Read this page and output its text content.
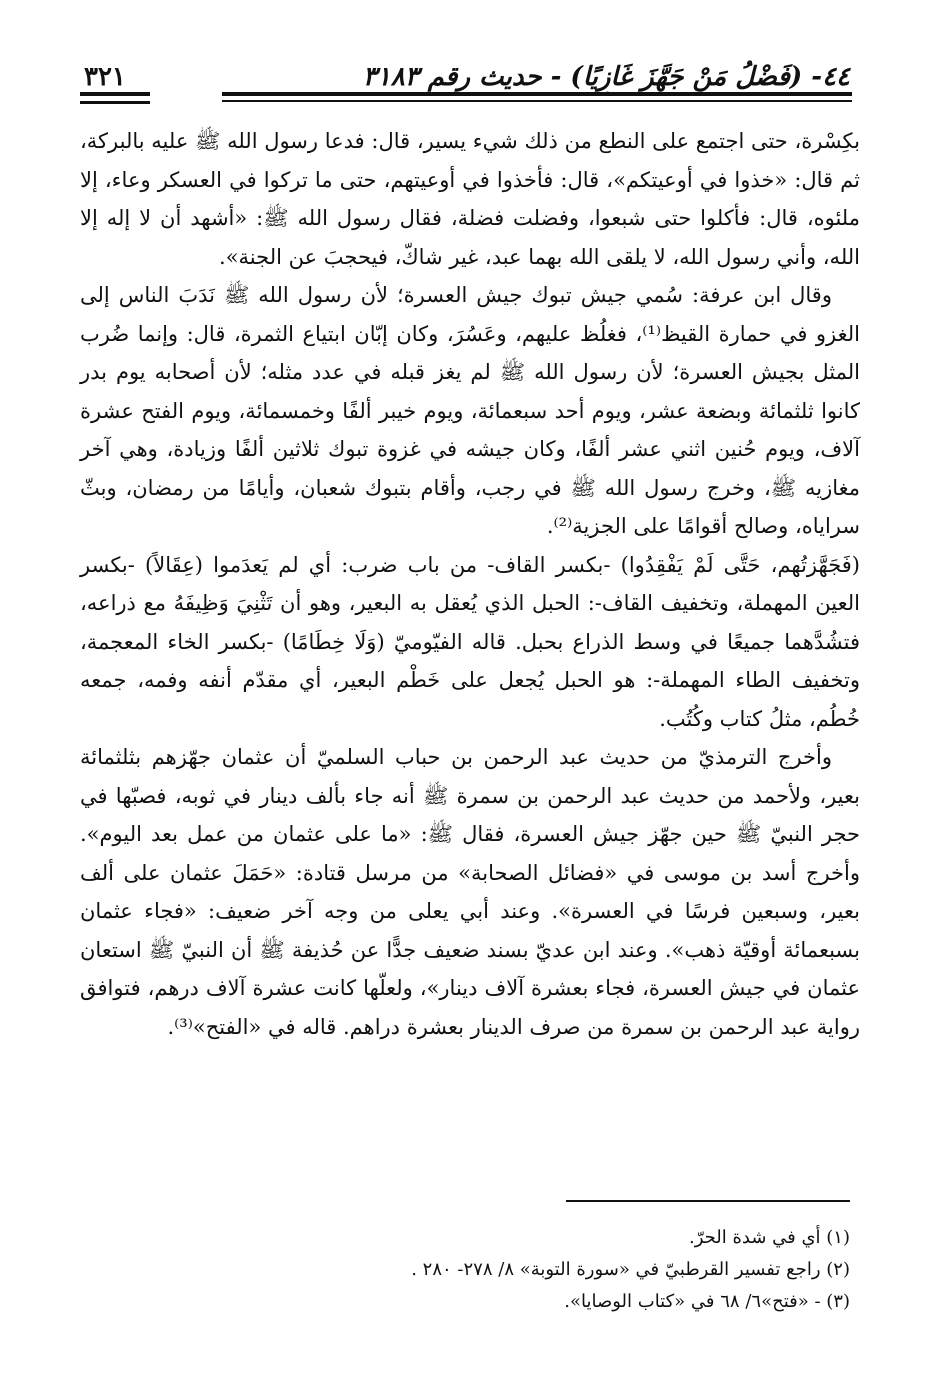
٤٤- (فَضْلُ مَنْ جَهَّزَ غَازِيًا) - حديث رقم ٣١٨٣
٣٢١

بكِسْرة، حتى اجتمع على النطع من ذلك شيء يسير، قال: فدعا رسول الله ﷺ عليه بالبركة، ثم قال: «خذوا في أوعيتكم»، قال: فأخذوا في أوعيتهم، حتى ما تركوا في العسكر وعاء، إلا ملئوه، قال: فأكلوا حتى شبعوا، وفضلت فضلة، فقال رسول الله ﷺ: «أشهد أن لا إله إلا الله، وأني رسول الله، لا يلقى الله بهما عبد، غير شاكّ، فيحجبَ عن الجنة».

وقال ابن عرفة: سُمي جيش تبوك جيش العسرة؛ لأن رسول الله ﷺ نَدَبَ الناس إلى الغزو في حمارة القيظ⁽¹⁾، فغلُظ عليهم، وعَسُرَ، وكان إبّان ابتياع الثمرة، قال: وإنما ضُرب المثل بجيش العسرة؛ لأن رسول الله ﷺ لم يغز قبله في عدد مثله؛ لأن أصحابه يوم بدر كانوا ثلثمائة وبضعة عشر، ويوم أحد سبعمائة، ويوم خيبر ألفًا وخمسمائة، ويوم الفتح عشرة آلاف، ويوم حُنين اثني عشر ألفًا، وكان جيشه في غزوة تبوك ثلاثين ألفًا وزيادة، وهي آخر مغازيه ﷺ، وخرج رسول الله ﷺ في رجب، وأقام بتبوك شعبان، وأيامًا من رمضان، وبثّ سراياه، وصالح أقوامًا على الجزية⁽²⁾.

(فَجَهَّزتُهم، حَتَّى لَمْ يَفْقِدُوا) -بكسر القاف- من باب ضرب: أي لم يَعدَموا (عِقَالاً) -بكسر العين المهملة، وتخفيف القاف-: الحبل الذي يُعقل به البعير، وهو أن تَثْنِيَ وَظِيفَهُ مع ذراعه، فتشُدَّهما جميعًا في وسط الذراع بحبل. قاله الفيّوميّ (وَلَا خِطَامًا) -بكسر الخاء المعجمة، وتخفيف الطاء المهملة-: هو الحبل يُجعل على خَطْم البعير، أي مقدّم أنفه وفمه، جمعه خُطُم، مثلُ كتاب وكُتُب.

وأخرج الترمذيّ من حديث عبد الرحمن بن حباب السلميّ أن عثمان جهّزهم بثلثمائة بعير، ولأحمد من حديث عبد الرحمن بن سمرة ﷺ أنه جاء بألف دينار في ثوبه، فصبّها في حجر النبيّ ﷺ حين جهّز جيش العسرة، فقال ﷺ: «ما على عثمان من عمل بعد اليوم». وأخرج أسد بن موسى في «فضائل الصحابة» من مرسل قتادة: «حَمَلَ عثمان على ألف بعير، وسبعين فرسًا في العسرة». وعند أبي يعلى من وجه آخر ضعيف: «فجاء عثمان بسبعمائة أوقيّة ذهب». وعند ابن عديّ بسند ضعيف جدًّا عن حُذيفة ﷺ أن النبيّ ﷺ استعان عثمان في جيش العسرة، فجاء بعشرة آلاف دينار»، ولعلّها كانت عشرة آلاف درهم، فتوافق رواية عبد الرحمن بن سمرة من صرف الدينار بعشرة دراهم. قاله في «الفتح»⁽³⁾.

(١) أي في شدة الحرّ.

(٢) راجع تفسير القرطبيّ في «سورة التوبة» ٨/ ٢٧٨- ٢٨٠ .

(٣) - «فتح»٦/ ٦٨ في «كتاب الوصايا».
